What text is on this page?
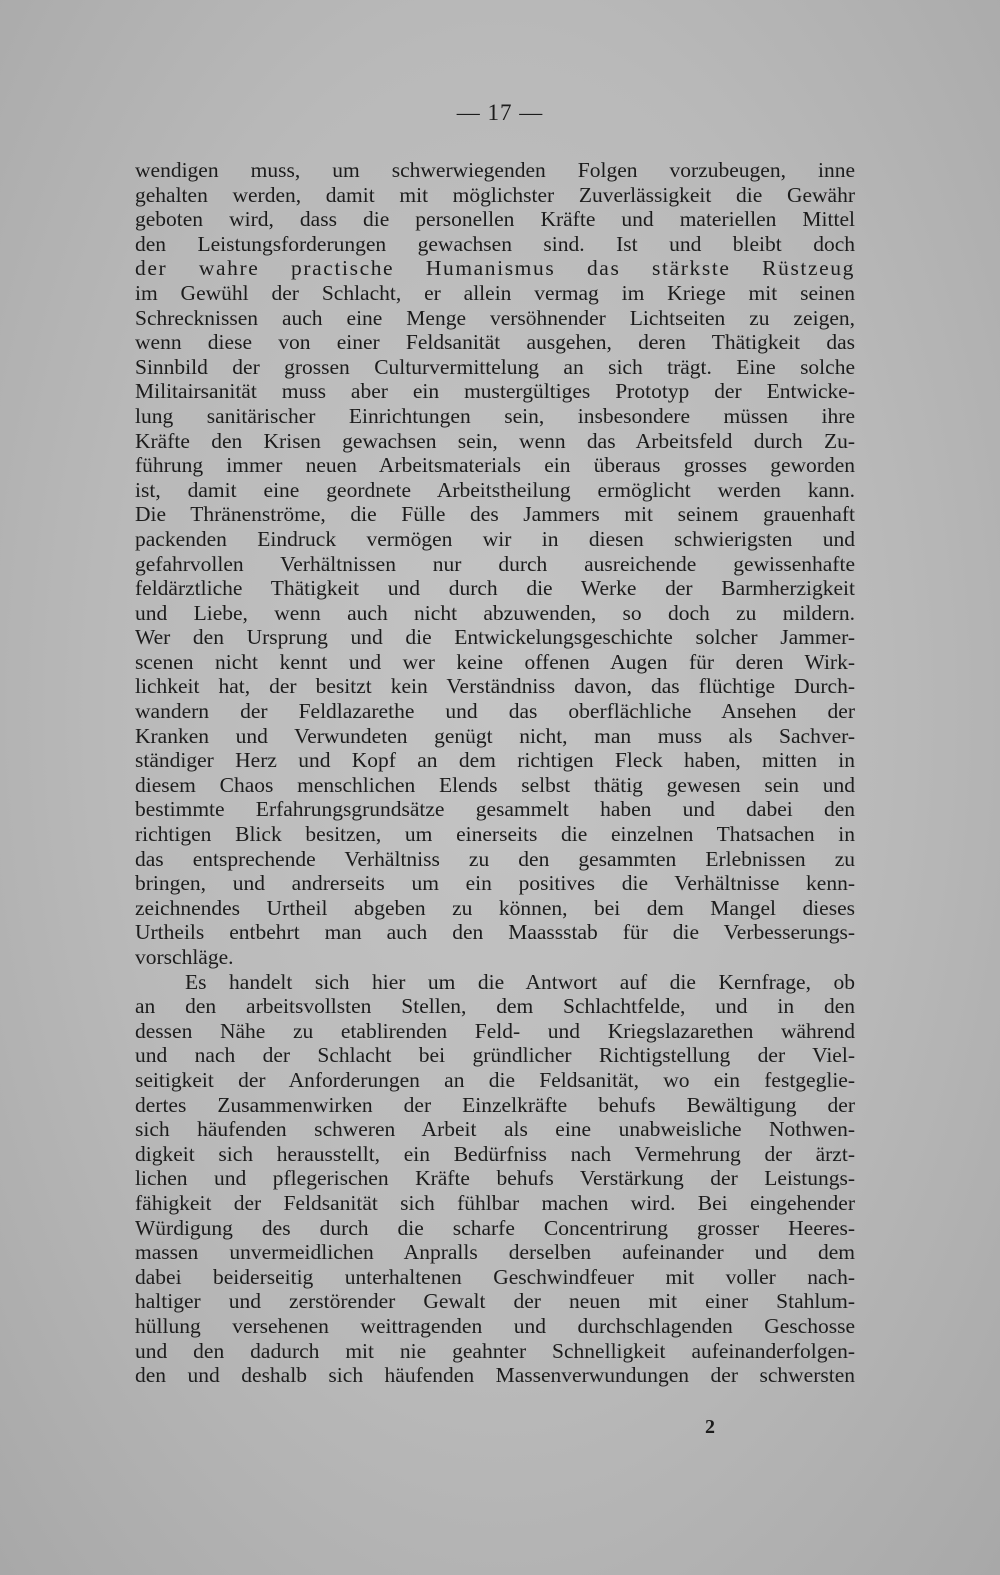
— 17 —
wendigen muss, um schwerwiegenden Folgen vorzubeugen, inne
gehalten werden, damit mit möglichster Zuverlässigkeit die Gewähr
geboten wird, dass die personellen Kräfte und materiellen Mittel
den Leistungsforderungen gewachsen sind. Ist und bleibt doch
der wahre practische Humanismus das stärkste Rüstzeug
im Gewühl der Schlacht, er allein vermag im Kriege mit seinen
Schrecknissen auch eine Menge versöhnender Lichtseiten zu zeigen,
wenn diese von einer Feldsanität ausgehen, deren Thätigkeit das
Sinnbild der grossen Culturvermittelung an sich trägt. Eine solche
Militairsanität muss aber ein mustergültiges Prototyp der Entwicke-
lung sanitärischer Einrichtungen sein, insbesondere müssen ihre
Kräfte den Krisen gewachsen sein, wenn das Arbeitsfeld durch Zu-
führung immer neuen Arbeitsmaterials ein überaus grosses geworden
ist, damit eine geordnete Arbeitstheilung ermöglicht werden kann.
Die Thränenströme, die Fülle des Jammers mit seinem grauenhaft
packenden Eindruck vermögen wir in diesen schwierigsten und
gefahrvollen Verhältnissen nur durch ausreichende gewissenhafte
feldärztliche Thätigkeit und durch die Werke der Barmherzigkeit
und Liebe, wenn auch nicht abzuwenden, so doch zu mildern.
Wer den Ursprung und die Entwickelungsgeschichte solcher Jammer-
scenen nicht kennt und wer keine offenen Augen für deren Wirk-
lichkeit hat, der besitzt kein Verständniss davon, das flüchtige Durch-
wandern der Feldlazarethe und das oberflächliche Ansehen der
Kranken und Verwundeten genügt nicht, man muss als Sachver-
ständiger Herz und Kopf an dem richtigen Fleck haben, mitten in
diesem Chaos menschlichen Elends selbst thätig gewesen sein und
bestimmte Erfahrungsgrundsätze gesammelt haben und dabei den
richtigen Blick besitzen, um einerseits die einzelnen Thatsachen in
das entsprechende Verhältniss zu den gesammten Erlebnissen zu
bringen, und andrerseits um ein positives die Verhältnisse kenn-
zeichnendes Urtheil abgeben zu können, bei dem Mangel dieses
Urtheils entbehrt man auch den Maassstab für die Verbesserungs-
vorschläge.
Es handelt sich hier um die Antwort auf die Kernfrage, ob
an den arbeitsvollsten Stellen, dem Schlachtfelde, und in den
dessen Nähe zu etablirenden Feld- und Kriegslazarethen während
und nach der Schlacht bei gründlicher Richtigstellung der Viel-
seitigkeit der Anforderungen an die Feldsanität, wo ein festgeglie-
dertes Zusammenwirken der Einzelkräfte behufs Bewältigung der
sich häufenden schweren Arbeit als eine unabweisliche Nothwen-
digkeit sich herausstellt, ein Bedürfniss nach Vermehrung der ärzt-
lichen und pflegerischen Kräfte behufs Verstärkung der Leistungs-
fähigkeit der Feldsanität sich fühlbar machen wird. Bei eingehender
Würdigung des durch die scharfe Concentrirung grosser Heeres-
massen unvermeidlichen Anpralls derselben aufeinander und dem
dabei beiderseitig unterhaltenen Geschwindfeuer mit voller nach-
haltiger und zerstörender Gewalt der neuen mit einer Stahlum-
hüllung versehenen weittragenden und durchschlagenden Geschosse
und den dadurch mit nie geahnter Schnelligkeit aufeinanderfolgen-
den und deshalb sich häufenden Massenverwundungen der schwersten
2
